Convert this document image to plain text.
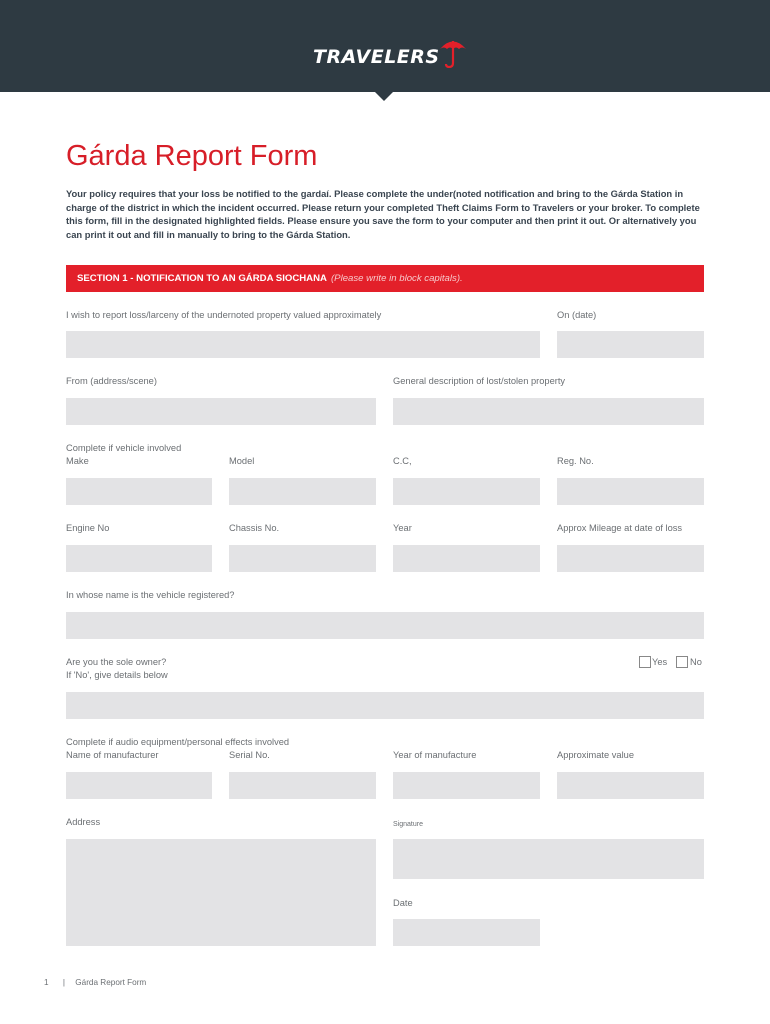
TRAVELERS
Gárda Report Form
Your policy requires that your loss be notified to the gardaí. Please complete the under(noted notification and bring to the Gárda Station in charge of the district in which the incident occurred. Please return your completed Theft Claims Form to Travelers or your broker. To complete this form, fill in the designated highlighted fields. Please ensure you save the form to your computer and then print it out. Or alternatively you can print it out and fill in manually to bring to the Gárda Station.
SECTION 1 - NOTIFICATION TO AN GÁRDA SIOCHANA (Please write in block capitals).
I wish to report loss/larceny of the undernoted property valued approximately	On (date)
From (address/scene)	General description of lost/stolen property
Complete if vehicle involved
Make	Model	C.C,	Reg. No.
Engine No	Chassis No.	Year	Approx Mileage at date of loss
In whose name is the vehicle registered?
Are you the sole owner?
If 'No', give details below
Yes No
Complete if audio equipment/personal effects involved
Name of manufacturer	Serial No.	Year of manufacture	Approximate value
Address	Signature
Date
1 | Gárda Report Form
